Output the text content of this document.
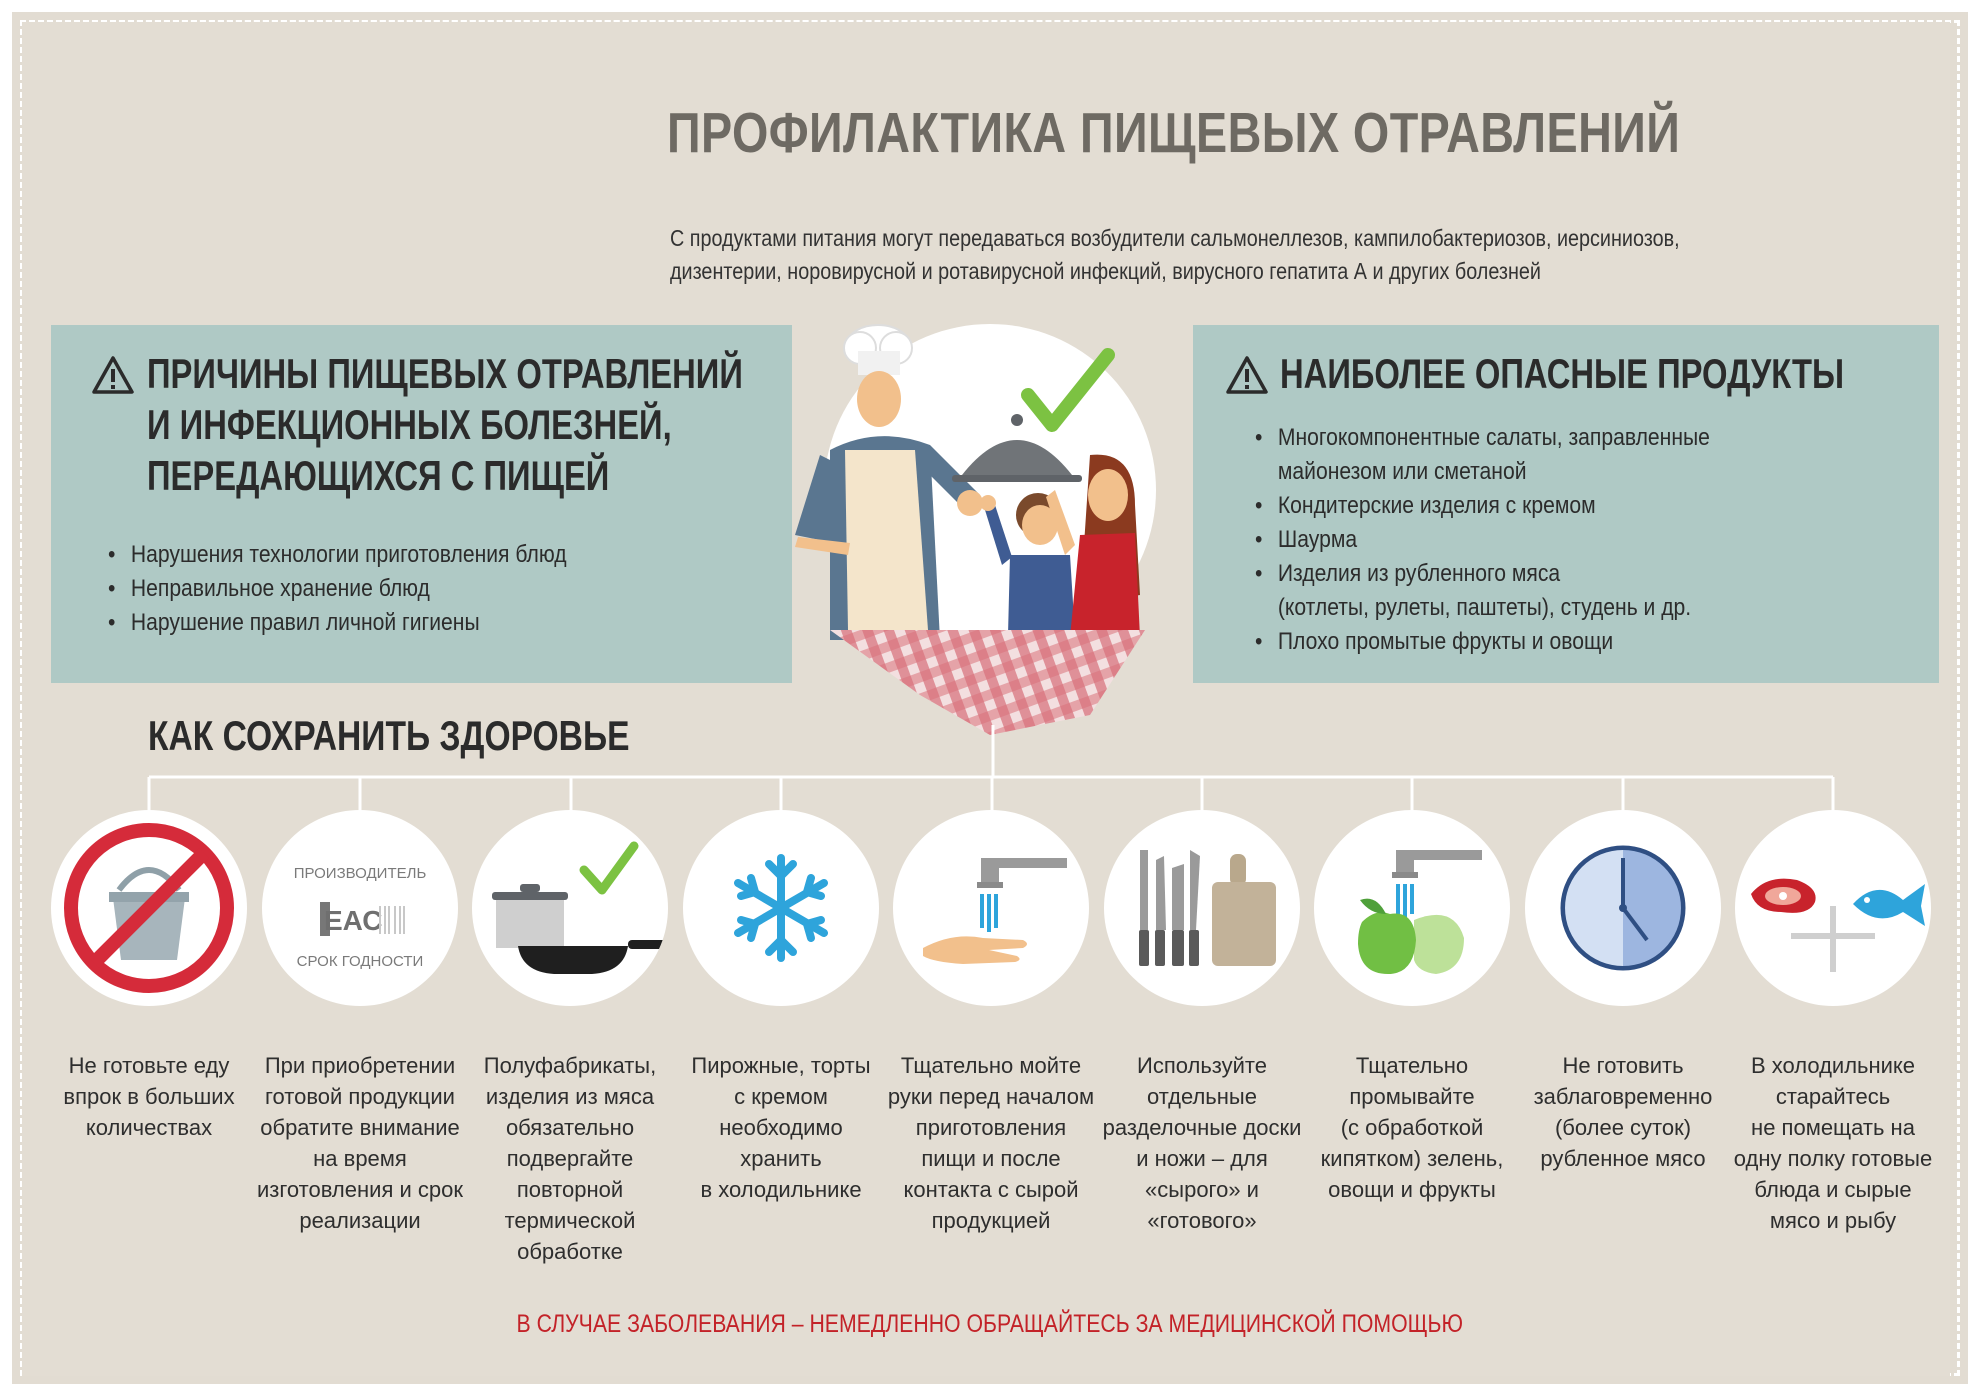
ПРОФИЛАКТИКА ПИЩЕВЫХ ОТРАВЛЕНИЙ

С продуктами питания могут передаваться возбудители сальмонеллезов, кампилобактериозов, иерсиниозов,

дизентерии, норовирусной и ротавирусной инфекций, вирусного гепатита А и других болезней

ПРИЧИНЫ ПИЩЕВЫХ ОТРАВЛЕНИЙ
И ИНФЕКЦИОННЫХ БОЛЕЗНЕЙ,
ПЕРЕДАЮЩИХСЯ С ПИЩЕЙ
• Нарушения технологии приготовления блюд
• Неправильное хранение блюд
• Нарушение правил личной гигиены
НАИБОЛЕЕ ОПАСНЫЕ ПРОДУКТЫ
• Многокомпонентные салаты, заправленные
майонезом или сметаной
• Кондитерские изделия с кремом
• Шаурма
• Изделия из рубленного мяса
(котлеты, рулеты, паштеты), студень и др.
• Плохо промытые фрукты и овощи
КАК СОХРАНИТЬ ЗДОРОВЬЕ
ПРОИЗВОДИТЕЛЬ
ЕАС
СРОК ГОДНОСТИ
Не готовьте еду
впрок в больших
количествах
При приобретении
готовой продукции
обратите внимание
на время
изготовления и срок
реализации
Полуфабрикаты,
изделия из мяса
обязательно
подвергайте
повторной
термической
обработке
Пирожные, торты
с кремом
необходимо
хранить
в холодильнике
Тщательно мойте
руки перед началом
приготовления
пищи и после
контакта с сырой
продукцией
Используйте
отдельные
разделочные доски
и ножи – для
«сырого» и
«готового»
Тщательно
промывайте
(с обработкой
кипятком) зелень,
овощи и фрукты
Не готовить
заблаговременно
(более суток)
рубленное мясо
В холодильнике
старайтесь
не помещать на
одну полку готовые
блюда и сырые
мясо и рыбу
В СЛУЧАЕ ЗАБОЛЕВАНИЯ – НЕМЕДЛЕННО ОБРАЩАЙТЕСЬ ЗА МЕДИЦИНСКОЙ ПОМОЩЬЮ
